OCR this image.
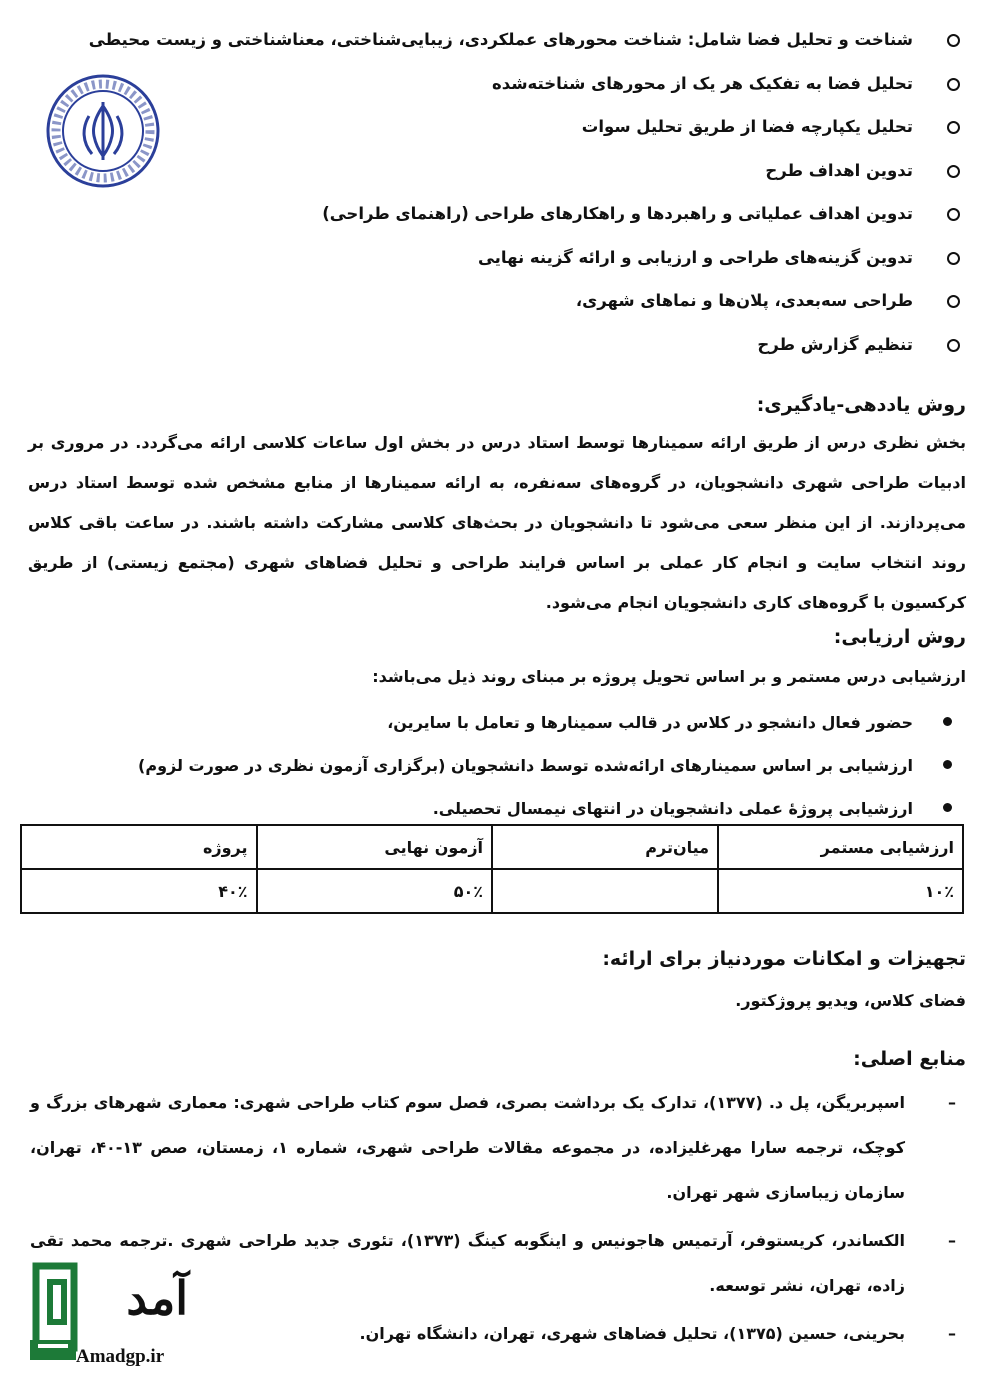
شناخت و تحلیل فضا شامل: شناخت محورهای عملکردی، زیبایی‌شناختی، معناشناختی و زیست محیطی
تحلیل فضا به تفکیک هر یک از محورهای شناخته‌شده
تحلیل یکپارچه فضا از طریق تحلیل سوات
تدوین اهداف طرح
تدوین اهداف عملیاتی و راهبردها و راهکارهای طراحی (راهنمای طراحی)
تدوین گزینه‌های طراحی و ارزیابی و ارائه گزینه نهایی
طراحی سه‌بعدی، پلان‌ها و نماهای شهری،
تنظیم گزارش طرح
روش یاددهی-یادگیری:

بخش نظری درس از طریق ارائه سمینارها توسط استاد درس در بخش اول ساعات کلاسی ارائه می‌گردد. در مروری بر ادبیات طراحی شهری دانشجویان، در گروه‌های سه‌نفره، به ارائه سمینارها از منابع مشخص شده توسط استاد درس می‌پردازند. از این منظر سعی می‌شود تا دانشجویان در بحث‌های کلاسی مشارکت داشته باشند. در ساعت باقی کلاس روند انتخاب سایت و انجام کار عملی بر اساس فرایند طراحی و تحلیل فضاهای شهری (مجتمع زیستی) از طریق کرکسیون با گروه‌های کاری دانشجویان انجام می‌شود.

روش ارزیابی:

ارزشیابی درس مستمر و بر اساس تحویل پروژه بر مبنای روند ذیل می‌باشد:

حضور فعال دانشجو در کلاس در قالب سمینارها و تعامل با سایرین،
ارزشیابی بر اساس سمینارهای ارائه‌شده توسط دانشجویان (برگزاری آزمون نظری در صورت لزوم)
ارزشیابی پروژهٔ عملی دانشجویان در انتهای نیمسال تحصیلی.
ارزشیابی مستمر	میان‌ترم	آزمون نهایی	پروژه
۱۰٪		۵۰٪	۴۰٪
تجهیزات و امکانات موردنیاز برای ارائه:

فضای کلاس، ویدیو پروژکتور.

منابع اصلی:
–
اسپربریگن، پل د. (۱۳۷۷)، تدارک یک برداشت بصری، فصل سوم کتاب طراحی شهری: معماری شهرهای بزرگ و کوچک، ترجمه سارا مهرغلیزاده، در مجموعه مقالات طراحی شهری، شماره ۱، زمستان، صص ۱۳-۴۰، تهران، سازمان زیباسازی شهر تهران.
–
الکساندر، کریستوفر، آرتمیس هاجونیس و اینگوبه کینگ (۱۳۷۳)، تئوری جدید طراحی شهری .ترجمه محمد تقی زاده، تهران، نشر توسعه.
–
بحرینی، حسین (۱۳۷۵)، تحلیل فضاهای شهری، تهران، دانشگاه تهران.
آمد
Amadgp.ir
